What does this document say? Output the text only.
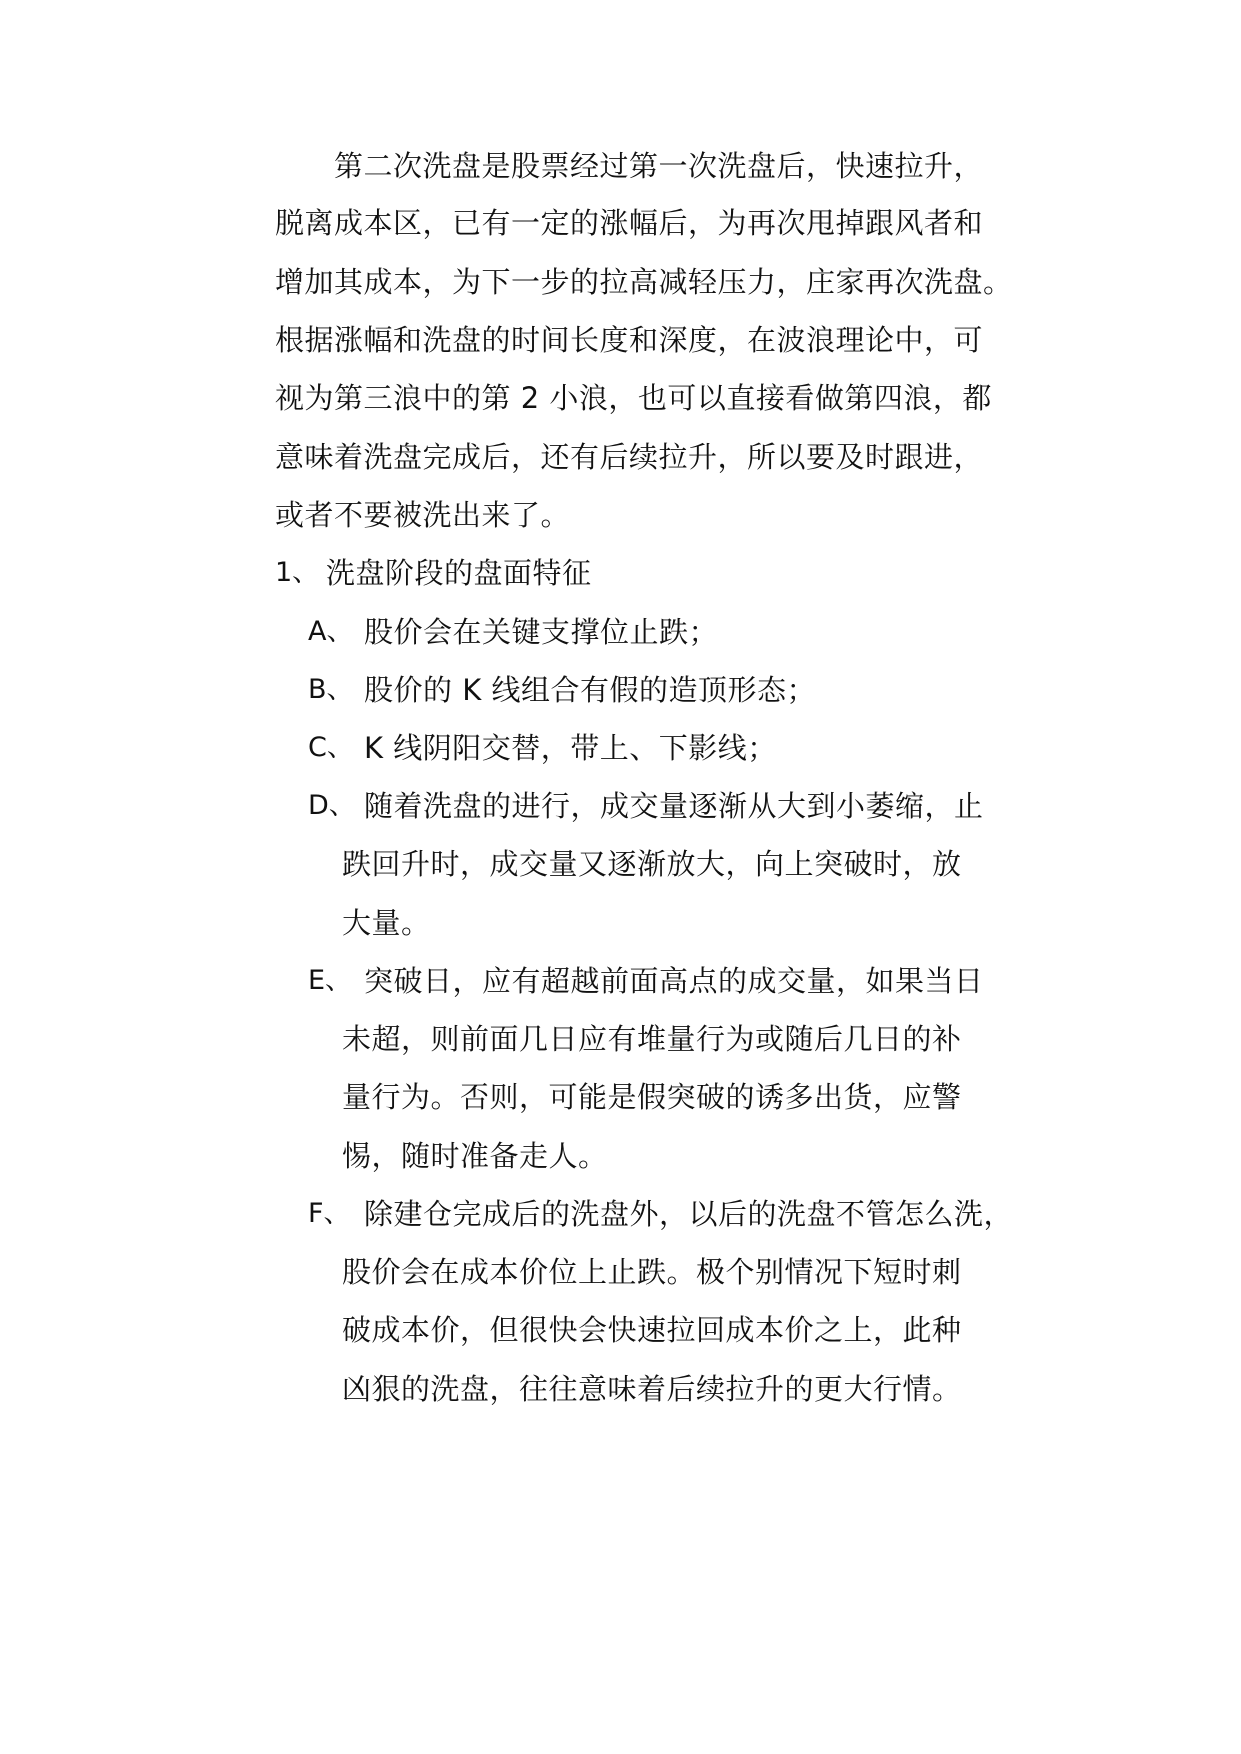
第二次洗盘是股票经过第一次洗盘后，快速拉升，
脱离成本区，已有一定的涨幅后，为再次甩掉跟风者和
增加其成本，为下一步的拉高减轻压力，庄家再次洗盘。
根据涨幅和洗盘的时间长度和深度，在波浪理论中，可
视为第三浪中的第 2 小浪，也可以直接看做第四浪，都
意味着洗盘完成后，还有后续拉升，所以要及时跟进，
或者不要被洗出来了。
1、 洗盘阶段的盘面特征
A、 股价会在关键支撑位止跌；
B、 股价的 K 线组合有假的造顶形态；
C、 K 线阴阳交替，带上、下影线；
D、 随着洗盘的进行，成交量逐渐从大到小萎缩，止
跌回升时，成交量又逐渐放大，向上突破时，放
大量。
E、 突破日，应有超越前面高点的成交量，如果当日
未超，则前面几日应有堆量行为或随后几日的补
量行为。否则，可能是假突破的诱多出货，应警
惕，随时准备走人。
F、 除建仓完成后的洗盘外，以后的洗盘不管怎么洗，
股价会在成本价位上止跌。极个别情况下短时刺
破成本价，但很快会快速拉回成本价之上，此种
凶狠的洗盘，往往意味着后续拉升的更大行情。
